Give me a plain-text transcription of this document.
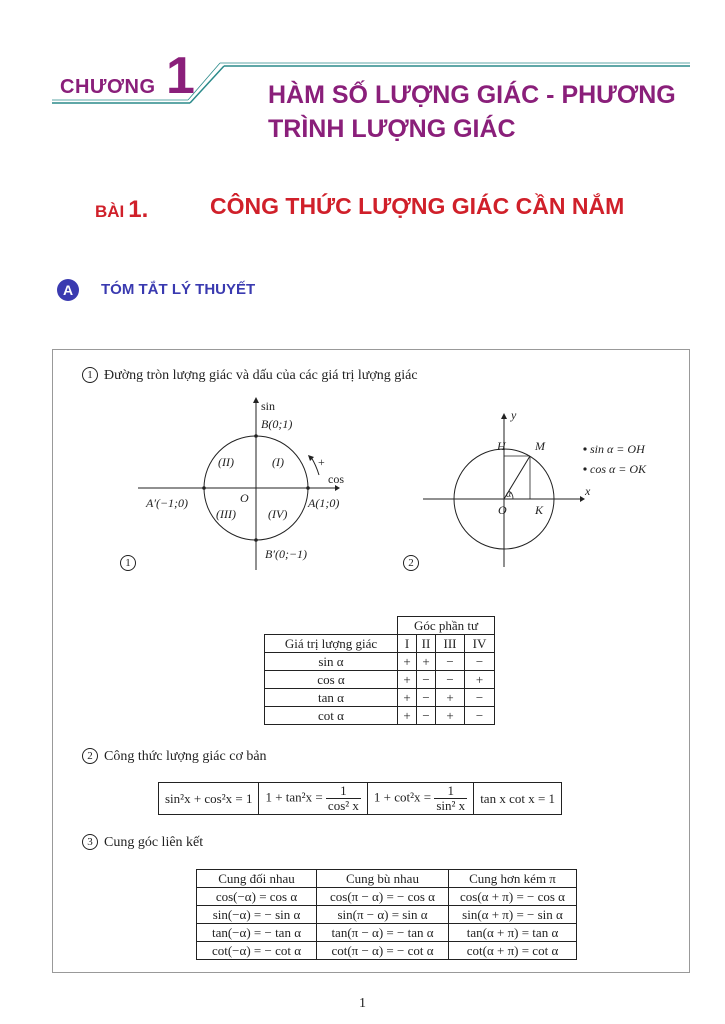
CHƯƠNG 1	HÀM SỐ LƯỢNG GIÁC - PHƯƠNG TRÌNH LƯỢNG GIÁC
BÀI 1.	CÔNG THỨC LƯỢNG GIÁC CẦN NẮM
A	TÓM TẮT LÝ THUYẾT
1 Đường tròn lượng giác và dấu của các giá trị lượng giác
sin
B(0;1)
+
cos
(II)	(I)
(III)	(IV)
O	A(1;0)
A′(−1;0)
B′(0;−1)
1
y
x
H M
O K
α
sin α = OH
cos α = OK
2
	Góc phần tư			
Giá trị lượng giác	I	II	III	IV
sin α	+	+	−	−
cos α	+	−	−	+
tan α	+	−	+	−
cot α	+	−	+	−
2 Công thức lượng giác cơ bản
sin²x + cos²x = 1	$1 + \tan^2x = \frac{1}{\text{cos² x}}$	$1 + \cot^2x = \frac{1}{\text{sin² x}}$	tan x cot x = 1
3 Cung góc liên kết
Cung đối nhau	Cung bù nhau	Cung hơn kém π
cos(−α) = cos α	cos(π − α) = − cos α	cos(α + π) = − cos α
sin(−α) = − sin α	sin(π − α) = sin α	sin(α + π) = − sin α
tan(−α) = − tan α	tan(π − α) = − tan α	tan(α + π) = tan α
cot(−α) = − cot α	cot(π − α) = − cot α	cot(α + π) = cot α
1
